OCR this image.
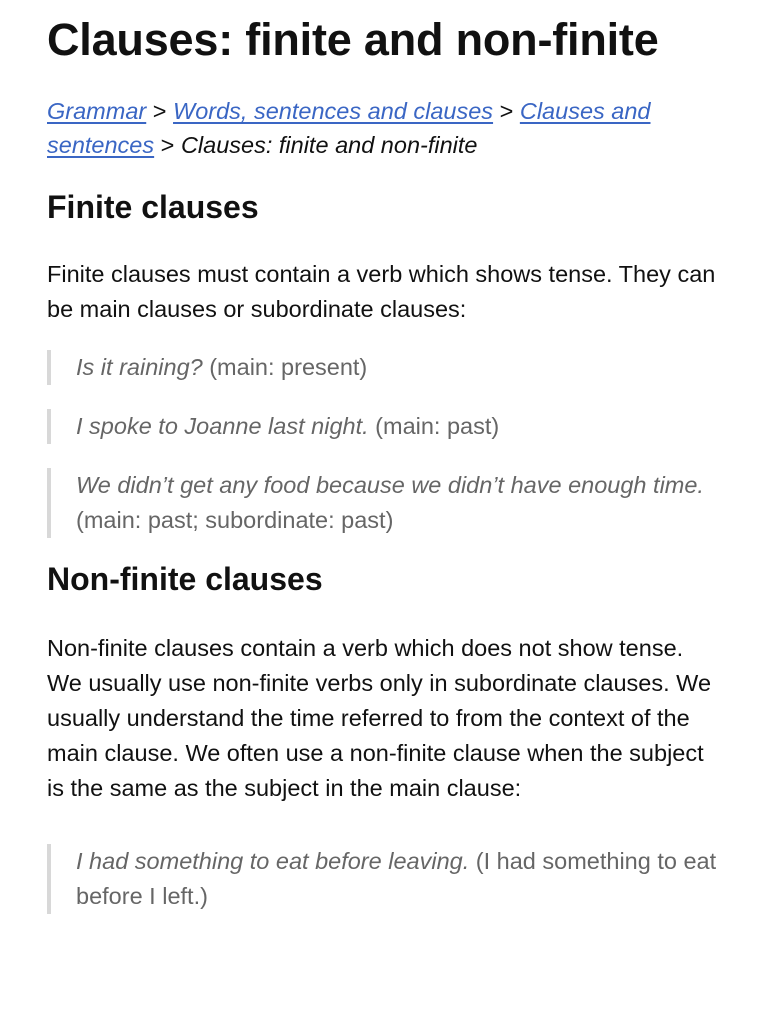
Clauses: finite and non-finite
Grammar > Words, sentences and clauses > Clauses and sentences > Clauses: finite and non-finite
Finite clauses

Finite clauses must contain a verb which shows tense. They can be main clauses or subordinate clauses:

Is it raining? (main: present)
I spoke to Joanne last night. (main: past)
We didn’t get any food because we didn’t have enough time. (main: past; subordinate: past)
Non-finite clauses

Non-finite clauses contain a verb which does not show tense. We usually use non-finite verbs only in subordinate clauses. We usually understand the time referred to from the context of the main clause. We often use a non-finite clause when the subject is the same as the subject in the main clause:

I had something to eat before leaving. (I had something to eat before I left.)
